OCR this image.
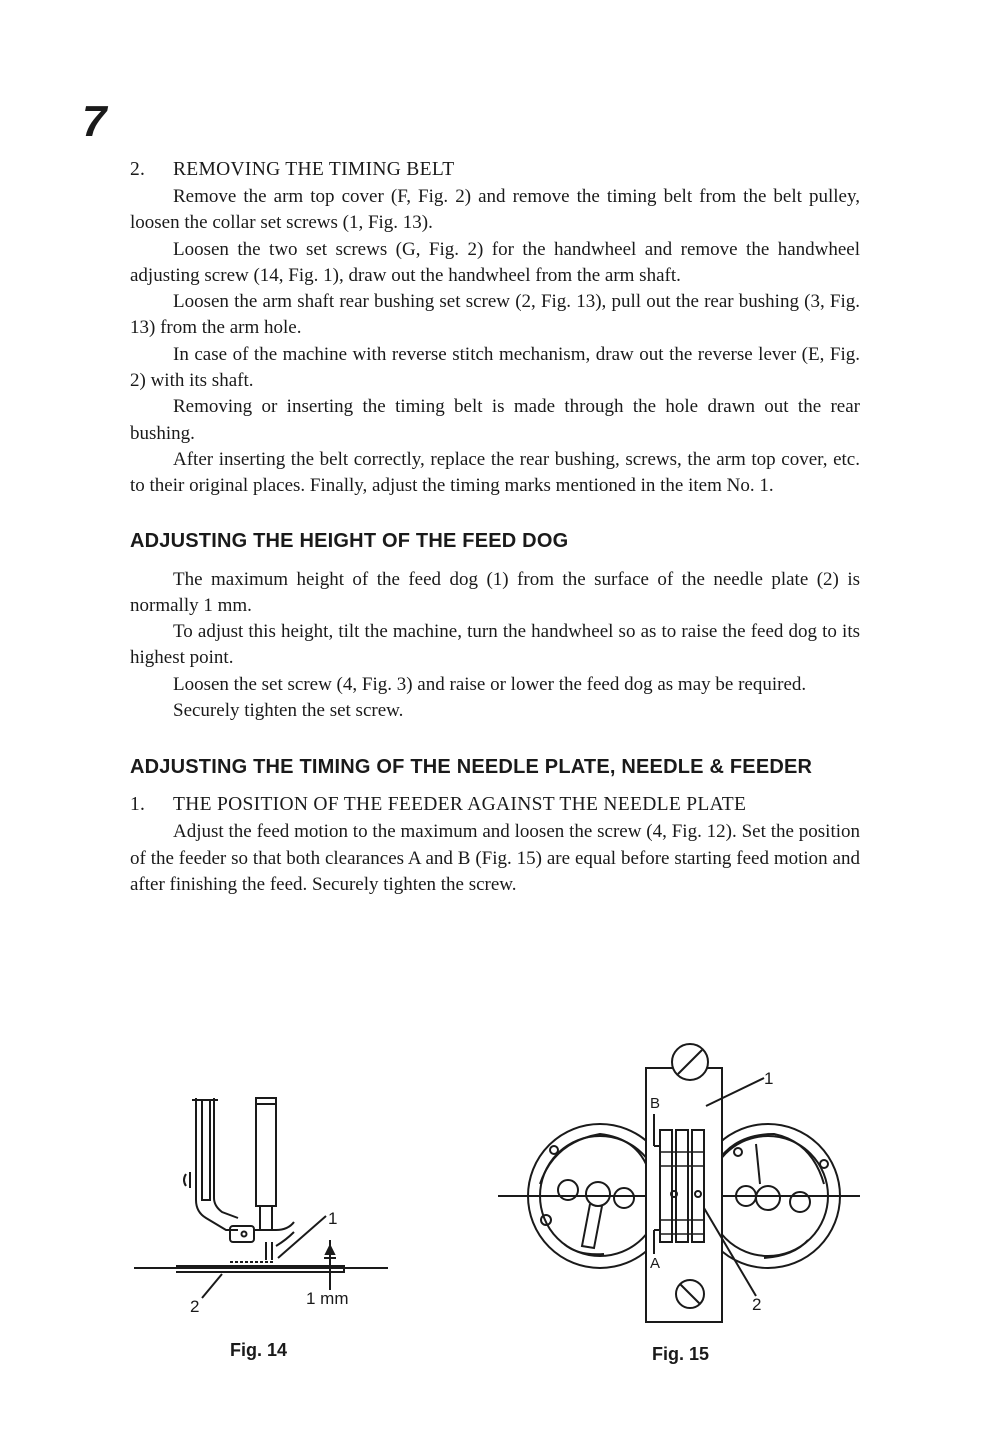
7

2. REMOVING THE TIMING BELT

Remove the arm top cover (F, Fig. 2) and remove the timing belt from the belt pulley, loosen the collar set screws (1, Fig. 13).

Loosen the two set screws (G, Fig. 2) for the handwheel and remove the handwheel adjusting screw (14, Fig. 1), draw out the handwheel from the arm shaft.

Loosen the arm shaft rear bushing set screw (2, Fig. 13), pull out the rear bushing (3, Fig. 13) from the arm hole.

In case of the machine with reverse stitch mechanism, draw out the reverse lever (E, Fig. 2) with its shaft.

Removing or inserting the timing belt is made through the hole drawn out the rear bushing.

After inserting the belt correctly, replace the rear bushing, screws, the arm top cover, etc. to their original places. Finally, adjust the timing marks mentioned in the item No. 1.

ADJUSTING THE HEIGHT OF THE FEED DOG

The maximum height of the feed dog (1) from the surface of the needle plate (2) is normally 1 mm.

To adjust this height, tilt the machine, turn the handwheel so as to raise the feed dog to its highest point.

Loosen the set screw (4, Fig. 3) and raise or lower the feed dog as may be required.

Securely tighten the set screw.

ADJUSTING THE TIMING OF THE NEEDLE PLATE, NEEDLE & FEEDER

1. THE POSITION OF THE FEEDER AGAINST THE NEEDLE PLATE

Adjust the feed motion to the maximum and loosen the screw (4, Fig. 12). Set the position of the feeder so that both clearances A and B (Fig. 15) are equal before starting feed motion and after finishing the feed. Securely tighten the screw.

1
2	1 mm
Fig. 14
1
B
A
2
Fig. 15
